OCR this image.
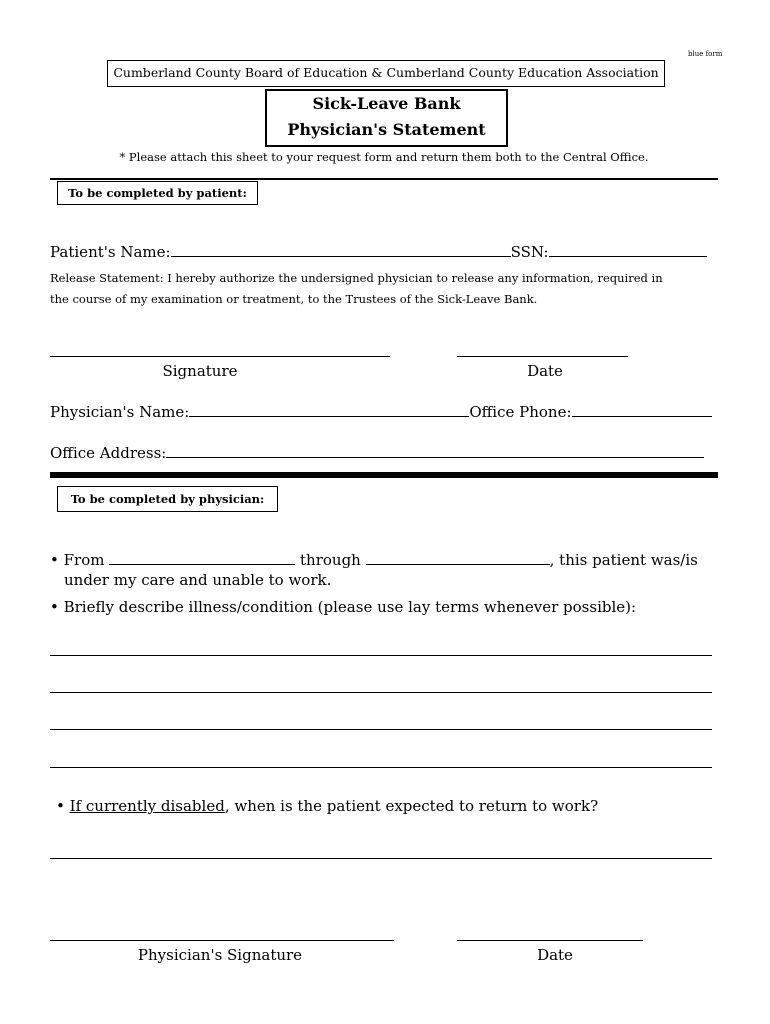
blue form
Cumberland County Board of Education & Cumberland County Education Association
Sick-Leave Bank
Physician's Statement
* Please attach this sheet to your request form and return them both to the Central Office.
To be completed by patient:
Patient's Name:	SSN:
Release Statement: I hereby authorize the undersigned physician to release any information, required in
the course of my examination or treatment, to the Trustees of the Sick-Leave Bank.
Signature	Date
Physician's Name:	Office Phone:
Office Address:
To be completed by physician:
• From	through	, this patient was/is
under my care and unable to work.
• Briefly describe illness/condition (please use lay terms whenever possible):
• If currently disabled, when is the patient expected to return to work?
Physician's Signature	Date
